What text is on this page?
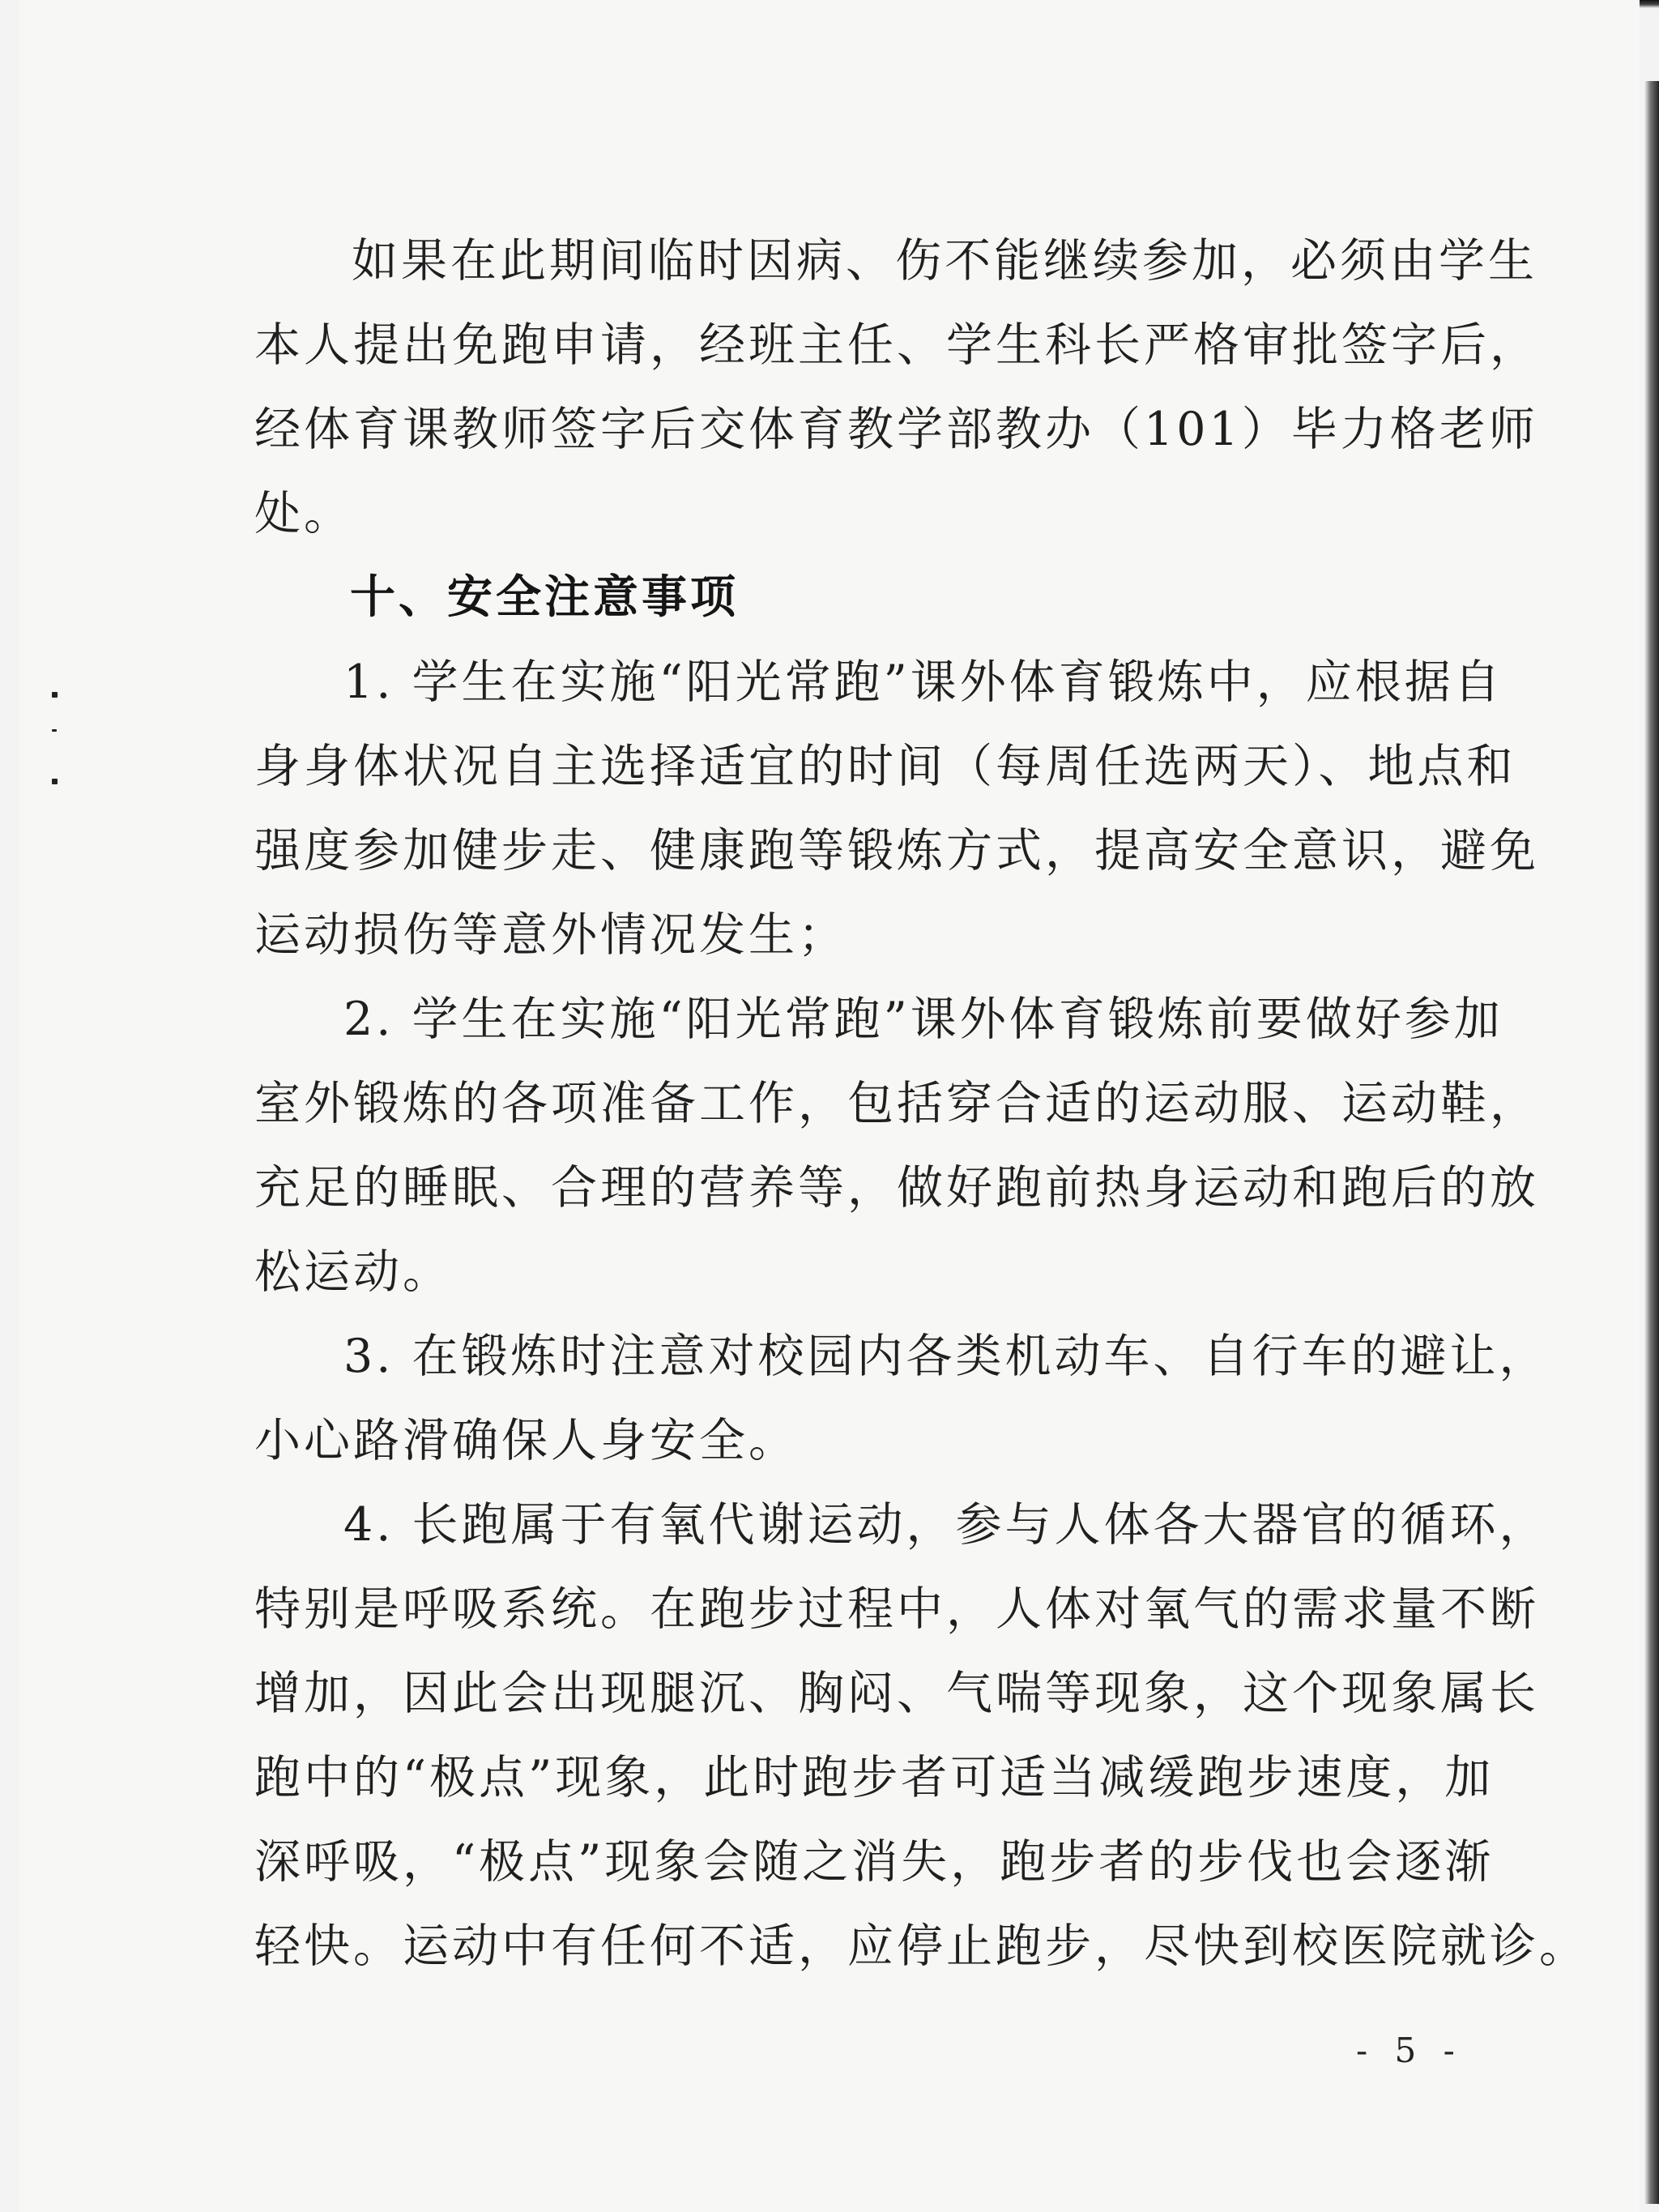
如果在此期间临时因病、伤不能继续参加，必须由学生
本人提出免跑申请，经班主任、学生科长严格审批签字后，
经体育课教师签字后交体育教学部教办（101）毕力格老师
处。
十、安全注意事项
1. 学生在实施“阳光常跑”课外体育锻炼中，应根据自
身身体状况自主选择适宜的时间（每周任选两天）、地点和
强度参加健步走、健康跑等锻炼方式，提高安全意识，避免
运动损伤等意外情况发生；
2. 学生在实施“阳光常跑”课外体育锻炼前要做好参加
室外锻炼的各项准备工作，包括穿合适的运动服、运动鞋，
充足的睡眠、合理的营养等，做好跑前热身运动和跑后的放
松运动。
3. 在锻炼时注意对校园内各类机动车、自行车的避让，
小心路滑确保人身安全。
4. 长跑属于有氧代谢运动，参与人体各大器官的循环，
特别是呼吸系统。在跑步过程中，人体对氧气的需求量不断
增加，因此会出现腿沉、胸闷、气喘等现象，这个现象属长
跑中的“极点”现象，此时跑步者可适当减缓跑步速度，加
深呼吸，“极点”现象会随之消失，跑步者的步伐也会逐渐
轻快。运动中有任何不适，应停止跑步，尽快到校医院就诊。
- 5 -
